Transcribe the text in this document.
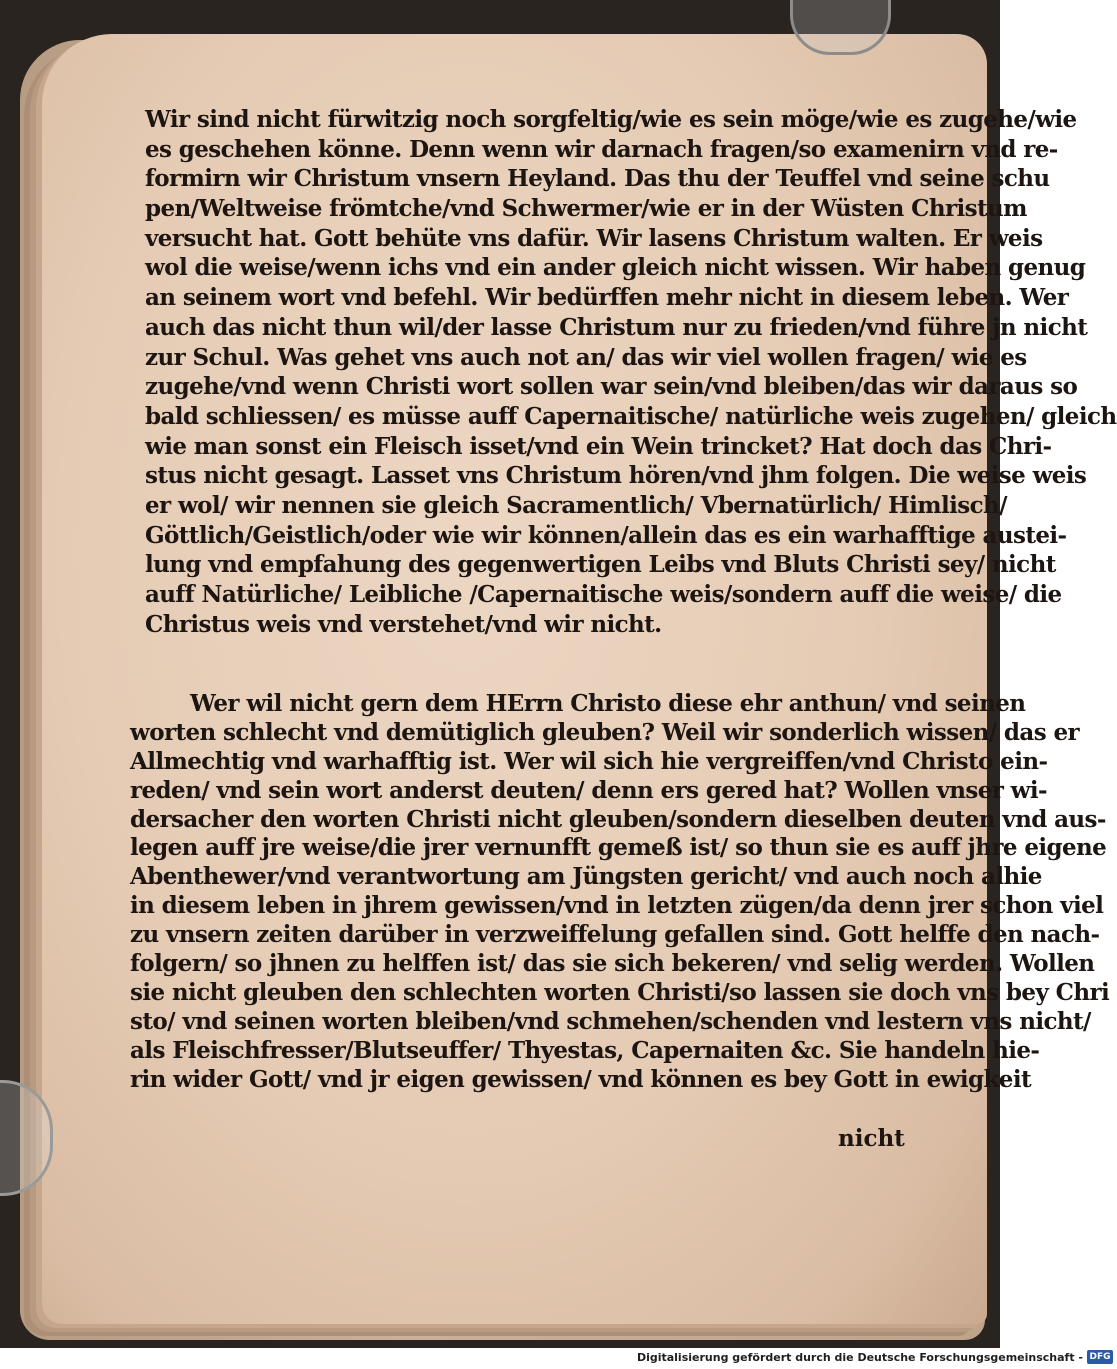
Wir sind nicht fürwitzig noch sorgfeltig/wie es sein möge/wie es zugehe/wie
es geschehen könne. Denn wenn wir darnach fragen/so examenirn vnd re-
formirn wir Christum vnsern Heyland. Das thu der Teuffel vnd seine schu
pen/Weltweise frömtche/vnd Schwermer/wie er in der Wüsten Christum
versucht hat. Gott behüte vns dafür. Wir lasens Christum walten. Er weis
wol die weise/wenn ichs vnd ein ander gleich nicht wissen. Wir haben genug
an seinem wort vnd befehl. Wir bedürffen mehr nicht in diesem leben. Wer
auch das nicht thun wil/der lasse Christum nur zu frieden/vnd führe jn nicht
zur Schul. Was gehet vns auch not an/ das wir viel wollen fragen/ wie es
zugehe/vnd wenn Christi wort sollen war sein/vnd bleiben/das wir daraus so
bald schliessen/ es müsse auff Capernaitische/ natürliche weis zugehen/ gleich
wie man sonst ein Fleisch isset/vnd ein Wein trincket? Hat doch das Chri-
stus nicht gesagt. Lasset vns Christum hören/vnd jhm folgen. Die weise weis
er wol/ wir nennen sie gleich Sacramentlich/ Vbernatürlich/ Himlisch/
Göttlich/Geistlich/oder wie wir können/allein das es ein warhafftige austei-
lung vnd empfahung des gegenwertigen Leibs vnd Bluts Christi sey/ nicht
auff Natürliche/ Leibliche /Capernaitische weis/sondern auff die weise/ die
Christus weis vnd verstehet/vnd wir nicht.
Wer wil nicht gern dem HErrn Christo diese ehr anthun/ vnd seinen
worten schlecht vnd demütiglich gleuben? Weil wir sonderlich wissen/ das er
Allmechtig vnd warhafftig ist. Wer wil sich hie vergreiffen/vnd Christo ein-
reden/ vnd sein wort anderst deuten/ denn ers gered hat? Wollen vnser wi-
dersacher den worten Christi nicht gleuben/sondern dieselben deuten vnd aus-
legen auff jre weise/die jrer vernunfft gemeß ist/ so thun sie es auff jhre eigene
Abenthewer/vnd verantwortung am Jüngsten gericht/ vnd auch noch alhie
in diesem leben in jhrem gewissen/vnd in letzten zügen/da denn jrer schon viel
zu vnsern zeiten darüber in verzweiffelung gefallen sind. Gott helffe den nach-
folgern/ so jhnen zu helffen ist/ das sie sich bekeren/ vnd selig werden. Wollen
sie nicht gleuben den schlechten worten Christi/so lassen sie doch vns bey Chri
sto/ vnd seinen worten bleiben/vnd schmehen/schenden vnd lestern vns nicht/
als Fleischfresser/Blutseuffer/ Thyestas, Capernaiten &c. Sie handeln hie-
rin wider Gott/ vnd jr eigen gewissen/ vnd können es bey Gott in ewigkeit
nicht
Digitalisierung gefördert durch die Deutsche Forschungsgemeinschaft - DFG
